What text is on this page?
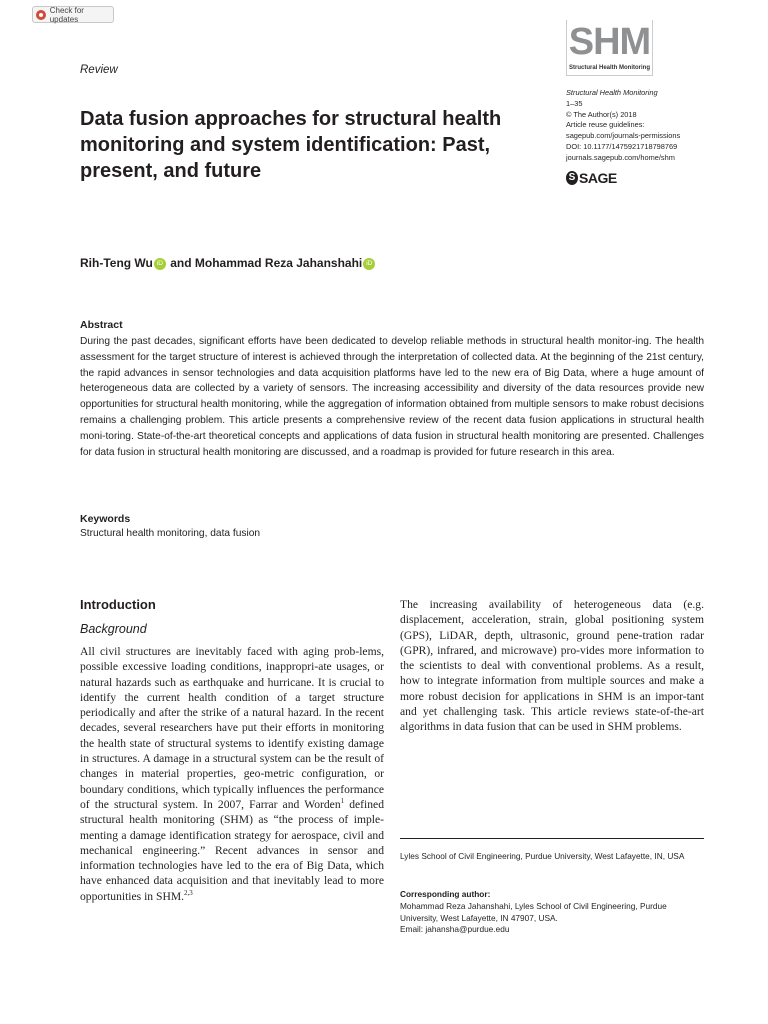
Check for updates
Review
SHM
Structural Health Monitoring
Structural Health Monitoring
1–35
© The Author(s) 2018
Article reuse guidelines:
sagepub.com/journals-permissions
DOI: 10.1177/1475921718798769
journals.sagepub.com/home/shm
S SAGE
Data fusion approaches for structural health monitoring and system identification: Past, present, and future
Rih-Teng Wu iD and Mohammad Reza Jahanshahi iD
Abstract
During the past decades, significant efforts have been dedicated to develop reliable methods in structural health monitor-ing. The health assessment for the target structure of interest is achieved through the interpretation of collected data. At the beginning of the 21st century, the rapid advances in sensor technologies and data acquisition platforms have led to the new era of Big Data, where a huge amount of heterogeneous data are collected by a variety of sensors. The increasing accessibility and diversity of the data resources provide new opportunities for structural health monitoring, while the aggregation of information obtained from multiple sensors to make robust decisions remains a challenging problem. This article presents a comprehensive review of the recent data fusion applications in structural health moni-toring. State-of-the-art theoretical concepts and applications of data fusion in structural health monitoring are presented. Challenges for data fusion in structural health monitoring are discussed, and a roadmap is provided for future research in this area.
Keywords
Structural health monitoring, data fusion
Introduction
Background
All civil structures are inevitably faced with aging prob-lems, possible excessive loading conditions, inappropri-ate usages, or natural hazards such as earthquake and hurricane. It is crucial to identify the current health condition of a target structure periodically and after the strike of a natural hazard. In the recent decades, several researchers have put their efforts in monitoring the health state of structural systems to identify existing damage in structures. A damage in a structural system can be the result of changes in material properties, geo-metric configuration, or boundary conditions, which typically influences the performance of the structural system. In 2007, Farrar and Worden$^1$ defined structural health monitoring (SHM) as “the process of imple-menting a damage identification strategy for aerospace, civil and mechanical engineering.” Recent advances in sensor and information technologies have led to the era of Big Data, which have enhanced data acquisition and that inevitably lead to more opportunities in SHM.$^{2,3}$
The increasing availability of heterogeneous data (e.g. displacement, acceleration, strain, global positioning system (GPS), LiDAR, depth, ultrasonic, ground pene-tration radar (GPR), infrared, and microwave) pro-vides more information to the scientists to deal with conventional problems. As a result, how to integrate information from multiple sources and make a more robust decision for applications in SHM is an impor-tant and yet challenging task. This article reviews state-of-the-art algorithms in data fusion that can be used in SHM problems.
Lyles School of Civil Engineering, Purdue University, West Lafayette, IN, USA
Corresponding author:
Mohammad Reza Jahanshahi, Lyles School of Civil Engineering, Purdue University, West Lafayette, IN 47907, USA.
Email: jahansha@purdue.edu
